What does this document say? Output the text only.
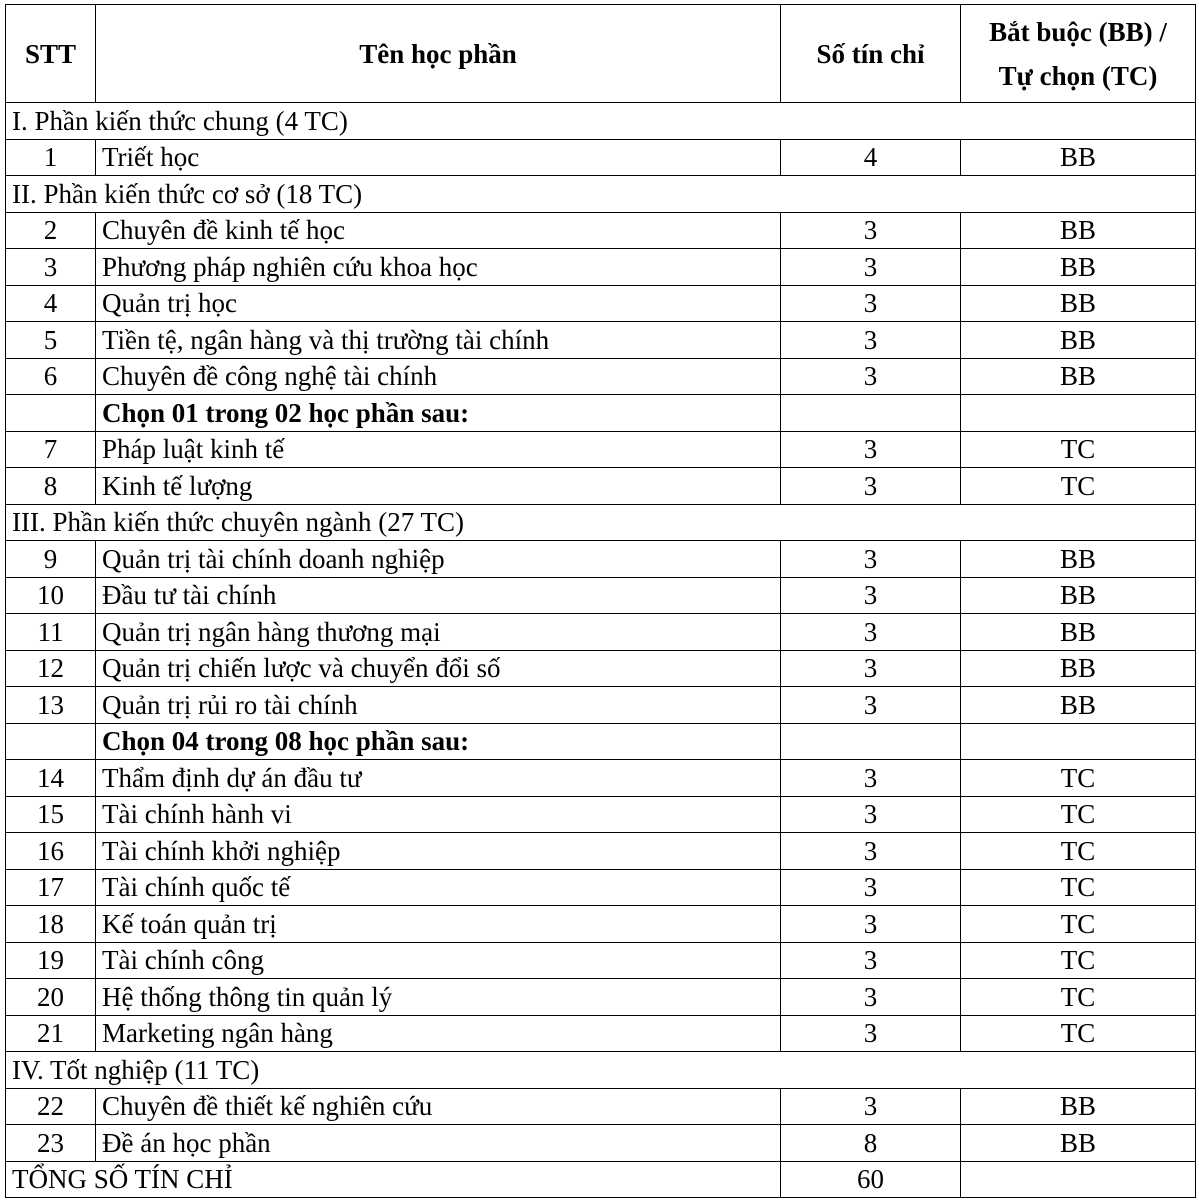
STT	Tên học phần	Số tín chỉ	Bắt buộc (BB) /
Tự chọn (TC)
I. Phần kiến thức chung (4 TC)			
1	Triết học	4	BB
II. Phần kiến thức cơ sở (18 TC)			
2	Chuyên đề kinh tế học	3	BB
3	Phương pháp nghiên cứu khoa học	3	BB
4	Quản trị học	3	BB
5	Tiền tệ, ngân hàng và thị trường tài chính	3	BB
6	Chuyên đề công nghệ tài chính	3	BB
	Chọn 01 trong 02 học phần sau:		
7	Pháp luật kinh tế	3	TC
8	Kinh tế lượng	3	TC
III. Phần kiến thức chuyên ngành (27 TC)			
9	Quản trị tài chính doanh nghiệp	3	BB
10	Đầu tư tài chính	3	BB
11	Quản trị ngân hàng thương mại	3	BB
12	Quản trị chiến lược và chuyển đổi số	3	BB
13	Quản trị rủi ro tài chính	3	BB
	Chọn 04 trong 08 học phần sau:		
14	Thẩm định dự án đầu tư	3	TC
15	Tài chính hành vi	3	TC
16	Tài chính khởi nghiệp	3	TC
17	Tài chính quốc tế	3	TC
18	Kế toán quản trị	3	TC
19	Tài chính công	3	TC
20	Hệ thống thông tin quản lý	3	TC
21	Marketing ngân hàng	3	TC
IV. Tốt nghiệp (11 TC)			
22	Chuyên đề thiết kế nghiên cứu	3	BB
23	Đề án học phần	8	BB
TỔNG SỐ TÍN CHỈ		60	
